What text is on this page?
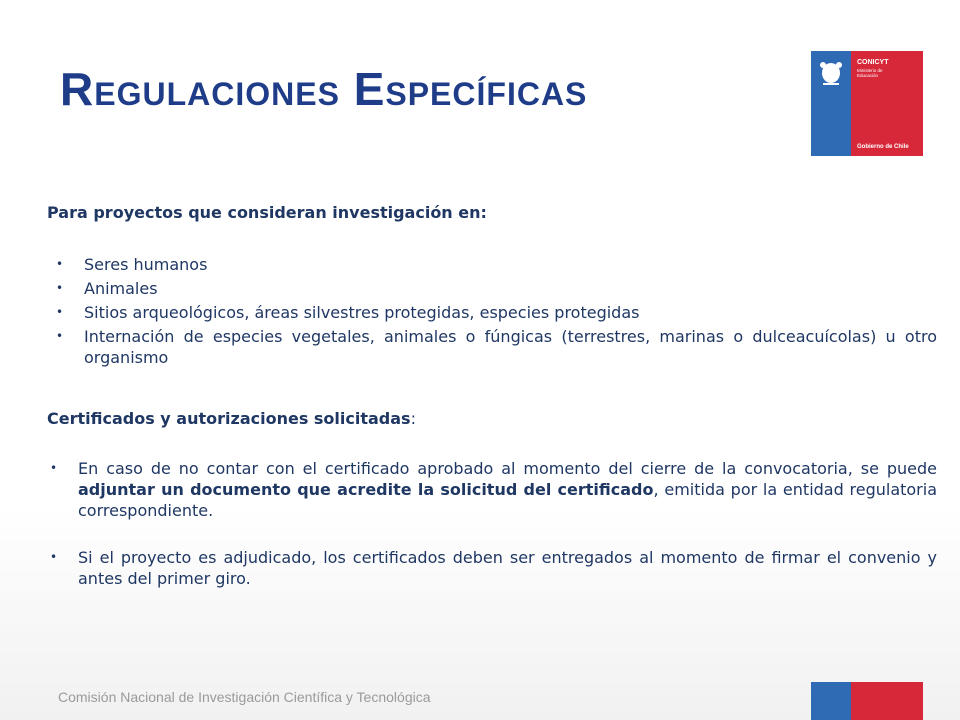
Regulaciones Específicas
CONICYT
Ministerio de
Educación
Gobierno de Chile

Para proyectos que consideran investigación en:

• Seres humanos
• Animales
• Sitios arqueológicos, áreas silvestres protegidas, especies protegidas
• Internación de especies vegetales, animales o fúngicas (terrestres, marinas o dulceacuícolas) u otro organismo

Certificados y autorizaciones solicitadas:

• En caso de no contar con el certificado aprobado al momento del cierre de la convocatoria, se puede adjuntar un documento que acredite la solicitud del certificado, emitida por la entidad regulatoria correspondiente.
• Si el proyecto es adjudicado, los certificados deben ser entregados al momento de firmar el convenio y antes del primer giro.
Comisión Nacional de Investigación Científica y Tecnológica
